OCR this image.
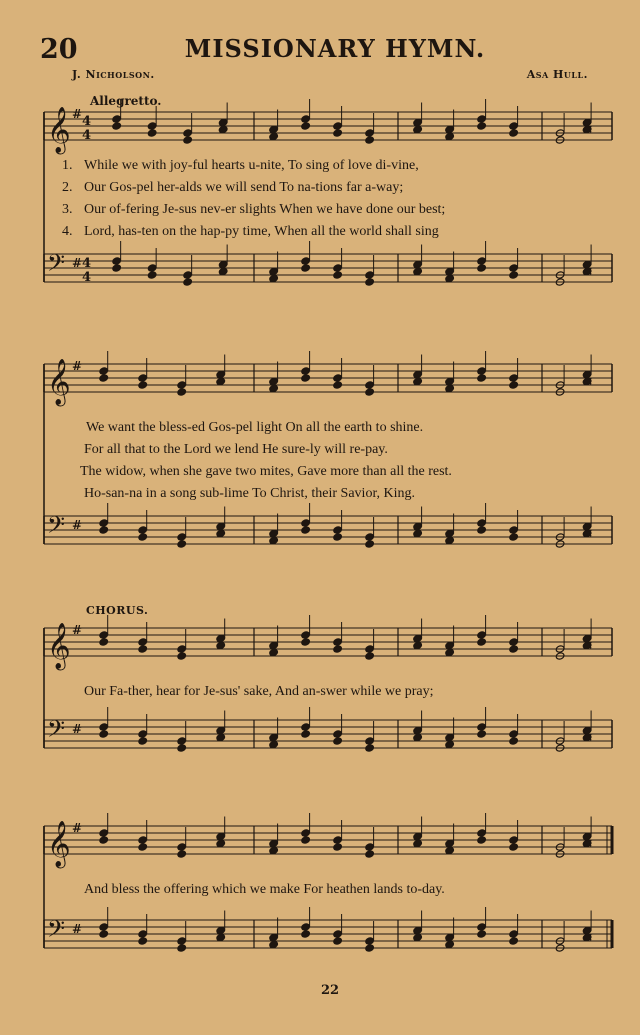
20	MISSIONARY HYMN.
J. Nicholson.	Asa Hull.
Allegretto.
𝄞 # 4
4	×
𝄢 # 4
4	×
𝄞 #
×
𝄢 #
×
𝄞 #
×
𝄢 #
×
𝄞 #
×
𝄢 #
×
1. While we with joy-ful hearts u-nite, To sing of love di-vine,
2. Our Gos-pel her-alds we will send To na-tions far a-way;
3. Our of-fering Je-sus nev-er slights When we have done our best;
4. Lord, has-ten on the hap-py time, When all the world shall sing
We want the bless-ed Gos-pel light On all the earth to shine.
For all that to the Lord we lend He sure-ly will re-pay.
The widow, when she gave two mites, Gave more than all the rest.
Ho-san-na in a song sub-lime To Christ, their Savior, King.
CHORUS.
Our Fa-ther, hear for Je-sus' sake, And an-swer while we pray;
And bless the offering which we make For heathen lands to-day.
22
